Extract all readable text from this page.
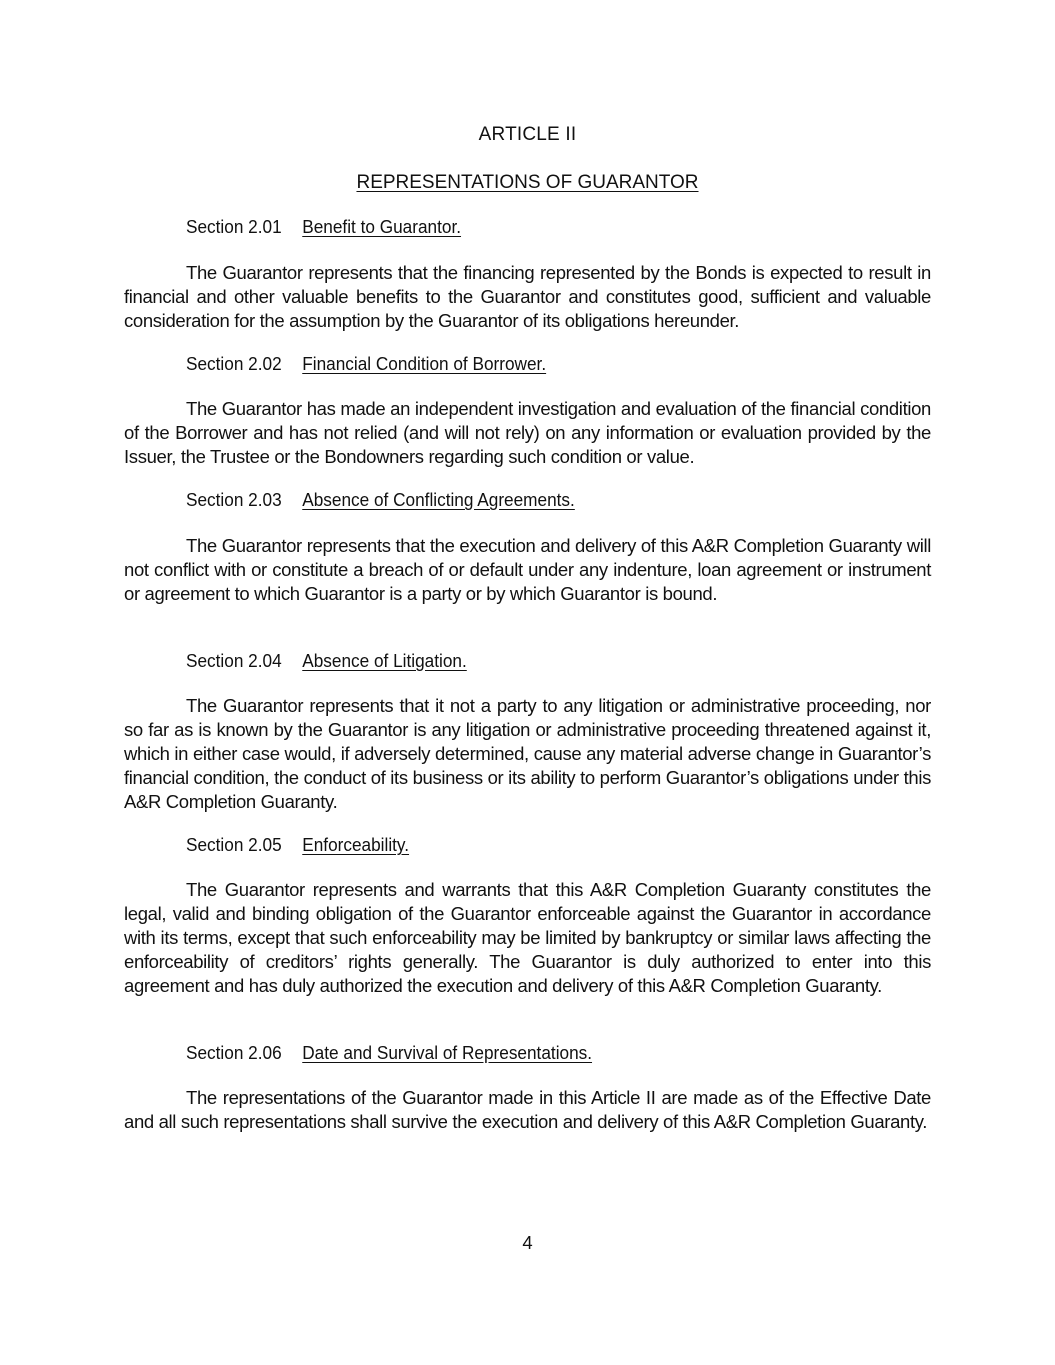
ARTICLE II
REPRESENTATIONS OF GUARANTOR
Section 2.01 Benefit to Guarantor.
The Guarantor represents that the financing represented by the Bonds is expected to result in financial and other valuable benefits to the Guarantor and constitutes good, sufficient and valuable consideration for the assumption by the Guarantor of its obligations hereunder.
Section 2.02 Financial Condition of Borrower.
The Guarantor has made an independent investigation and evaluation of the financial condition of the Borrower and has not relied (and will not rely) on any information or evaluation provided by the Issuer, the Trustee or the Bondowners regarding such condition or value.
Section 2.03 Absence of Conflicting Agreements.
The Guarantor represents that the execution and delivery of this A&R Completion Guaranty will not conflict with or constitute a breach of or default under any indenture, loan agreement or instrument or agreement to which Guarantor is a party or by which Guarantor is bound.
Section 2.04 Absence of Litigation.
The Guarantor represents that it not a party to any litigation or administrative proceeding, nor so far as is known by the Guarantor is any litigation or administrative proceeding threatened against it, which in either case would, if adversely determined, cause any material adverse change in Guarantor’s financial condition, the conduct of its business or its ability to perform Guarantor’s obligations under this A&R Completion Guaranty.
Section 2.05 Enforceability.
The Guarantor represents and warrants that this A&R Completion Guaranty constitutes the legal, valid and binding obligation of the Guarantor enforceable against the Guarantor in accordance with its terms, except that such enforceability may be limited by bankruptcy or similar laws affecting the enforceability of creditors’ rights generally. The Guarantor is duly authorized to enter into this agreement and has duly authorized the execution and delivery of this A&R Completion Guaranty.
Section 2.06 Date and Survival of Representations.
The representations of the Guarantor made in this Article II are made as of the Effective Date and all such representations shall survive the execution and delivery of this A&R Completion Guaranty.
4
